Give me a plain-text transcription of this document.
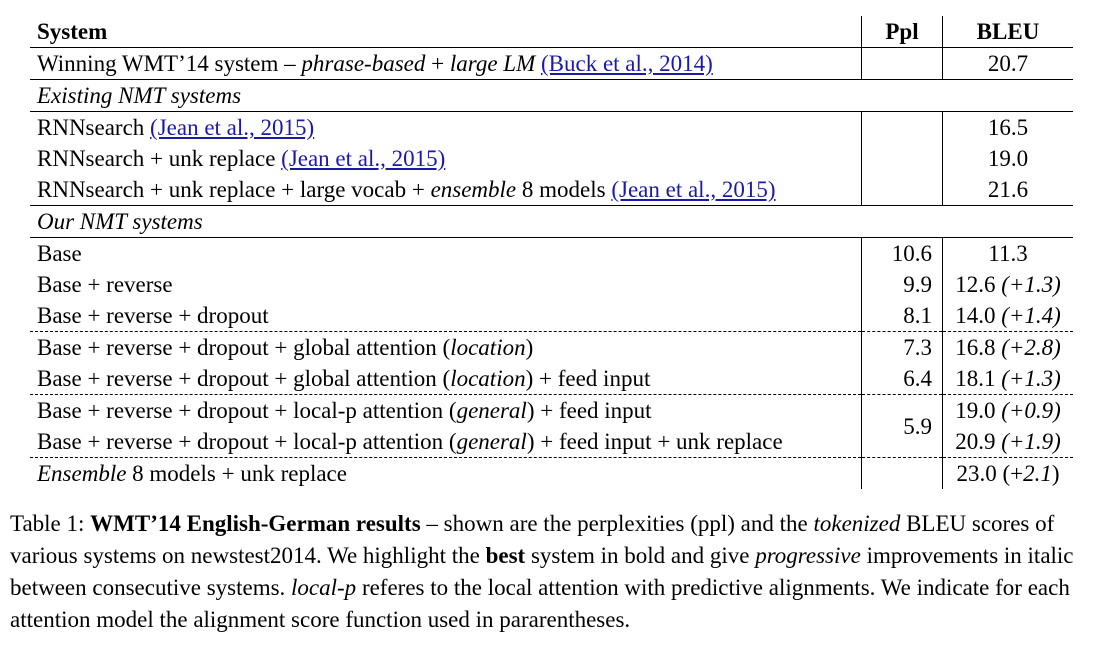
System	Ppl	BLEU
Winning WMT’14 system – phrase-based + large LM (Buck et al., 2014)		20.7
Existing NMT systems		
RNNsearch (Jean et al., 2015)		16.5
RNNsearch + unk replace (Jean et al., 2015)		19.0
RNNsearch + unk replace + large vocab + ensemble 8 models (Jean et al., 2015)		21.6
Our NMT systems		
Base	10.6	11.3
Base + reverse	9.9	12.6 (+1.3)
Base + reverse + dropout	8.1	14.0 (+1.4)
Base + reverse + dropout + global attention (location)	7.3	16.8 (+2.8)
Base + reverse + dropout + global attention (location) + feed input	6.4	18.1 (+1.3)
Base + reverse + dropout + local-p attention (general) + feed input	5.9	19.0 (+0.9)
Base + reverse + dropout + local-p attention (general) + feed input + unk replace		20.9 (+1.9)
Ensemble 8 models + unk replace		23.0 (+2.1)
Table 1: WMT’14 English-German results – shown are the perplexities (ppl) and the tokenized BLEU scores of various systems on newstest2014. We highlight the best system in bold and give progressive improvements in italic between consecutive systems. local-p referes to the local attention with predictive alignments. We indicate for each attention model the alignment score function used in pararentheses.
